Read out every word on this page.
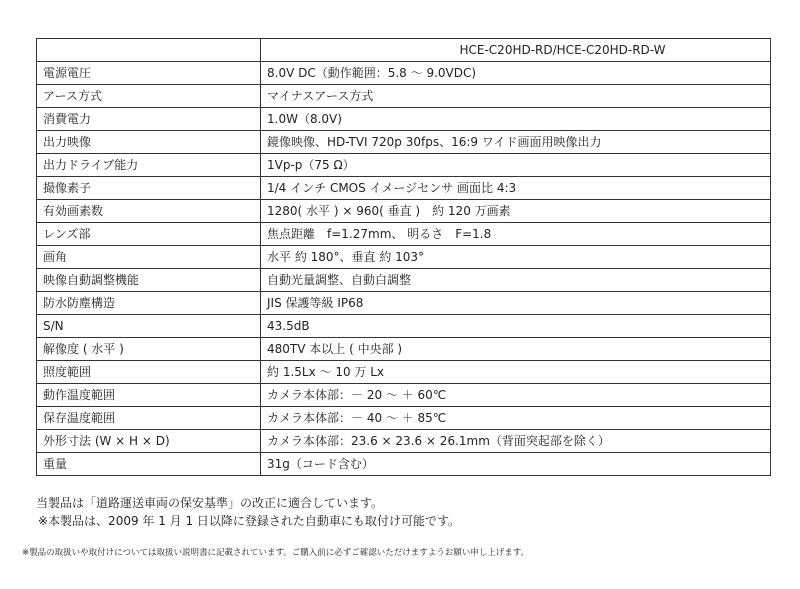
	HCE-C20HD-RD/HCE-C20HD-RD-W
電源電圧	8.0V DC（動作範囲：5.8 ～ 9.0VDC)
アース方式	マイナスアース方式
消費電力	1.0W（8.0V)
出力映像	鏡像映像、HD-TVI 720p 30fps、16:9 ワイド画面用映像出力
出力ドライブ能力	1Vp-p（75 Ω）
撮像素子	1/4 インチ CMOS イメージセンサ 画面比 4:3
有効画素数	1280( 水平 ) × 960( 垂直 )　約 120 万画素
レンズ部	焦点距離　f=1.27mm、 明るさ　F=1.8
画角	水平 約 180°、垂直 約 103°
映像自動調整機能	自動光量調整、自動白調整
防水防塵構造	JIS 保護等級 IP68
S/N	43.5dB
解像度 ( 水平 )	480TV 本以上 ( 中央部 )
照度範囲	約 1.5Lx ～ 10 万 Lx
動作温度範囲	カメラ本体部：－ 20 ～ ＋ 60℃
保存温度範囲	カメラ本体部：－ 40 ～ ＋ 85℃
外形寸法 (W × H × D)	カメラ本体部：23.6 × 23.6 × 26.1mm（背面突起部を除く）
重量	31g（コード含む）
当製品は「道路運送車両の保安基準」の改正に適合しています。
※本製品は、2009 年 1 月 1 日以降に登録された自動車にも取付け可能です。
※製品の取扱いや取付けについては取扱い説明書に記載されています。ご購入前に必ずご確認いただけますようお願い申し上げます。
